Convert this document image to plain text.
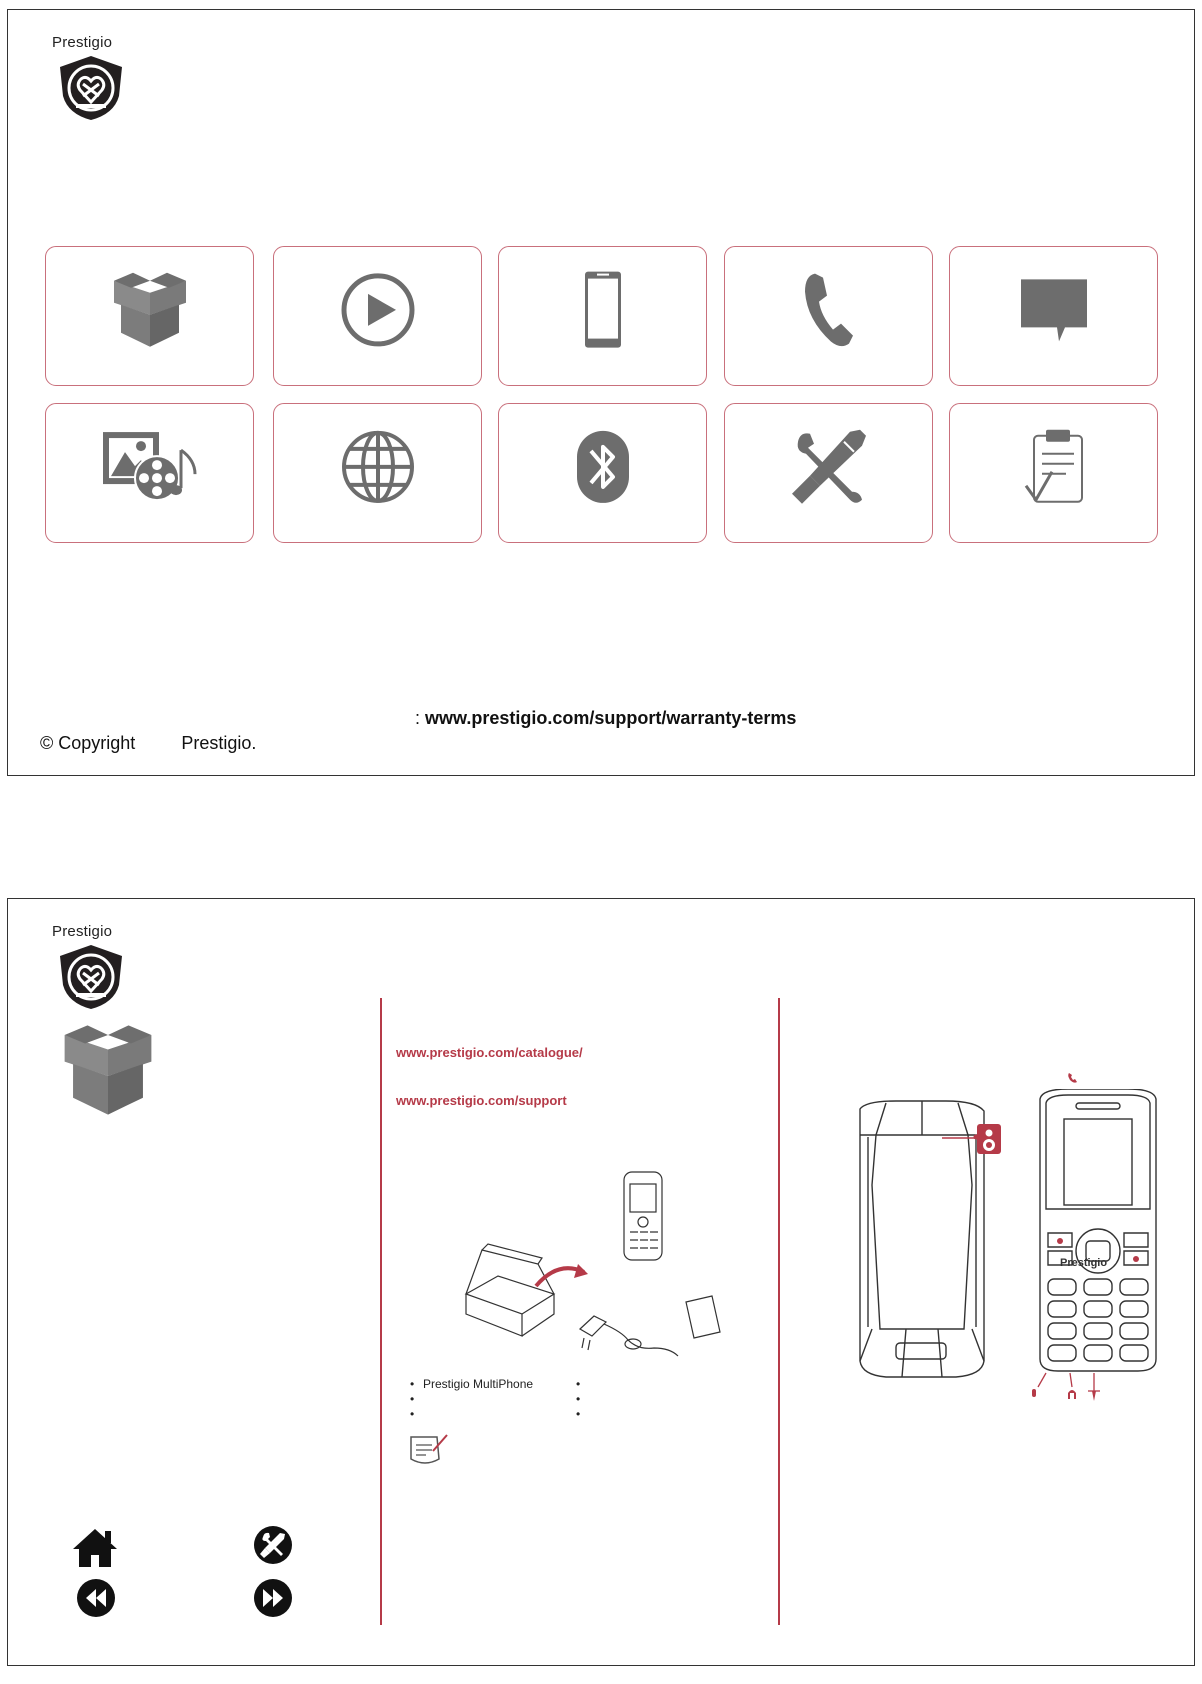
Prestigio
: www.prestigio.com/support/warranty-terms
© Copyright	Prestigio.
Prestigio
www.prestigio.com/catalogue/
www.prestigio.com/support
• Prestigio MultiPhone
•
•
•
•
•
Prestigio
